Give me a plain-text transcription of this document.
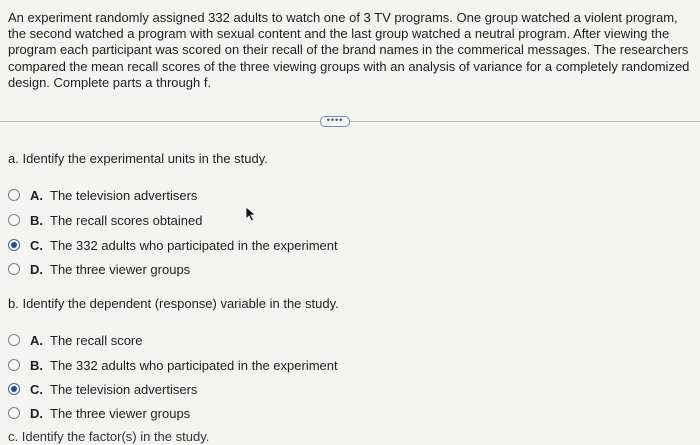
An experiment randomly assigned 332 adults to watch one of 3 TV programs. One group watched a violent program, the second watched a program with sexual content and the last group watched a neutral program. After viewing the program each participant was scored on their recall of the brand names in the commerical messages. The researchers compared the mean recall scores of the three viewing groups with an analysis of variance for a completely randomized design. Complete parts a through f.

••••

a. Identify the experimental units in the study.

A. The television advertisers
B. The recall scores obtained
C. The 332 adults who participated in the experiment
D. The three viewer groups

b. Identify the dependent (response) variable in the study.

A. The recall score
B. The 332 adults who participated in the experiment
C. The television advertisers
D. The three viewer groups
c. Identify the factor(s) in the study.
